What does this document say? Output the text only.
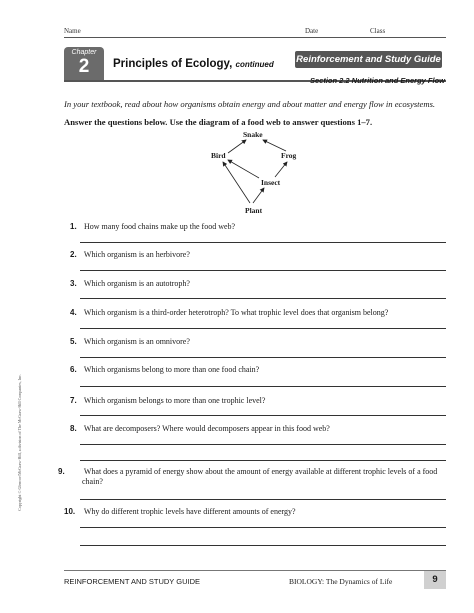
Name	Date	Class
Chapter
2	Principles of Ecology, continued Reinforcement and Study Guide
Section 2.2 Nutrition and Energy Flow
In your textbook, read about how organisms obtain energy and about matter and energy flow in ecosystems.
Answer the questions below. Use the diagram of a food web to answer questions 1–7.
Snake
Bird	Frog
Insect
Plant
1. How many food chains make up the food web?
2. Which organism is an herbivore?
3. Which organism is an autotroph?
4. Which organism is a third-order heterotroph? To what trophic level does that organism belong?
5. Which organism is an omnivore?
6. Which organisms belong to more than one food chain?
7. Which organism belongs to more than one trophic level?
8. What are decomposers? Where would decomposers appear in this food web?
9. What does a pyramid of energy show about the amount of energy available at different trophic levels of a food chain?
10. Why do different trophic levels have different amounts of energy?
Copyright © Glencoe/McGraw-Hill, a division of The McGraw-Hill Companies, Inc.
REINFORCEMENT AND STUDY GUIDE	BIOLOGY: The Dynamics of Life	9
